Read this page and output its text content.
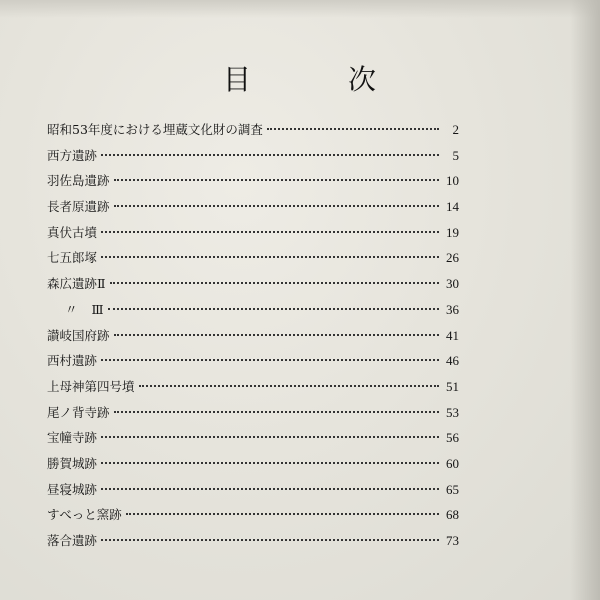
目	次
昭和53年度における埋蔵文化財の調査	2
西方遺跡	5
羽佐島遺跡	10
長者原遺跡	14
真伏古墳	19
七五郎塚	26
森広遺跡Ⅱ	30
〃 Ⅲ	36
讃岐国府跡	41
西村遺跡	46
上母神第四号墳	51
尾ノ背寺跡	53
宝幢寺跡	56
勝賀城跡	60
昼寝城跡	65
すべっと窯跡	68
落合遺跡	73
